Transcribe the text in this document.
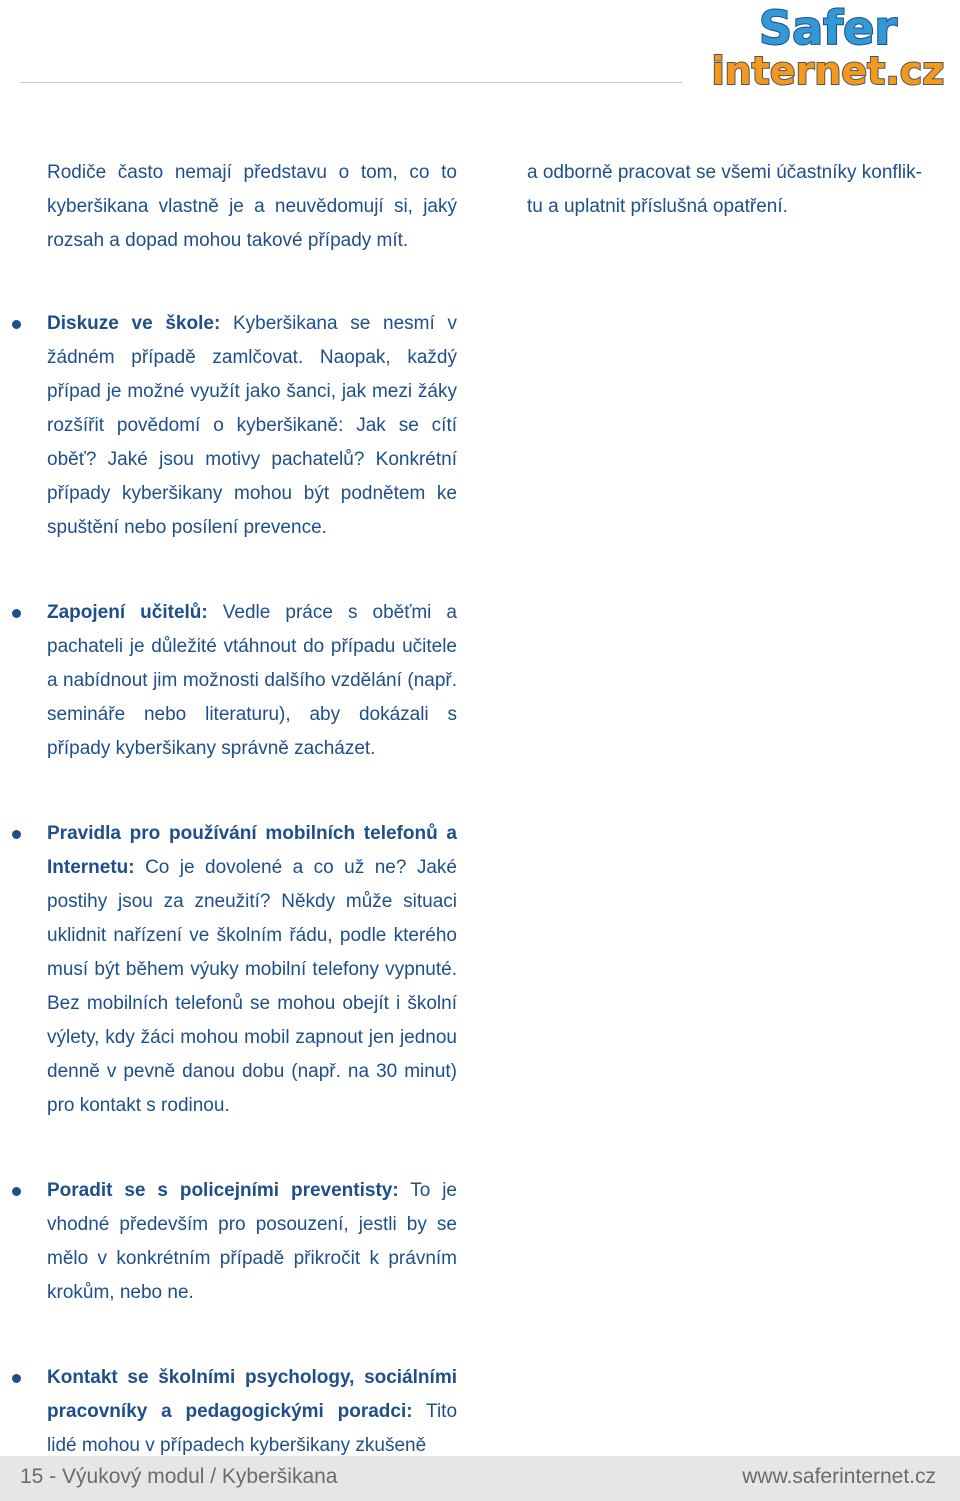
Safer
internet.cz

Rodiče často nemají představu o tom, co to kyberšikana vlastně je a neuvědomují si, jaký rozsah a dopad mohou takové případy mít.

Diskuze ve škole: Kyberšikana se nesmí v žádném případě zamlčovat. Naopak, každý případ je možné využít jako šanci, jak mezi žáky rozšířit povědomí o kyberšikaně: Jak se cítí oběť? Jaké jsou motivy pachatelů? Konkrétní případy kyberšikany mohou být podnětem ke spuštění nebo posílení prevence.
Zapojení učitelů: Vedle práce s oběťmi a pachateli je důležité vtáhnout do případu učitele a nabídnout jim možnosti dalšího vzdělání (např. semináře nebo literaturu), aby dokázali s případy kyberšikany správně zacházet.
Pravidla pro používání mobilních telefonů a Internetu: Co je dovolené a co už ne? Jaké postihy jsou za zneužití? Někdy může situaci uklidnit nařízení ve školním řádu, podle kterého musí být během výuky mobilní telefony vypnuté. Bez mobilních telefonů se mohou obejít i školní výlety, kdy žáci mohou mobil zapnout jen jednou denně v pevně danou dobu (např. na 30 minut) pro kontakt s rodinou.
Poradit se s policejními preventisty: To je vhodné především pro posouzení, jestli by se mělo v konkrétním případě přikročit k právním krokům, nebo ne.
Kontakt se školními psychology, sociálními pracovníky a pedagogickými poradci: Tito lidé mohou v případech kyberšikany zkušeně
a odborně pracovat se všemi účastníky konflik-
tu a uplatnit příslušná opatření.
15 - Výukový modul / Kyberšikana	www.saferinternet.cz
